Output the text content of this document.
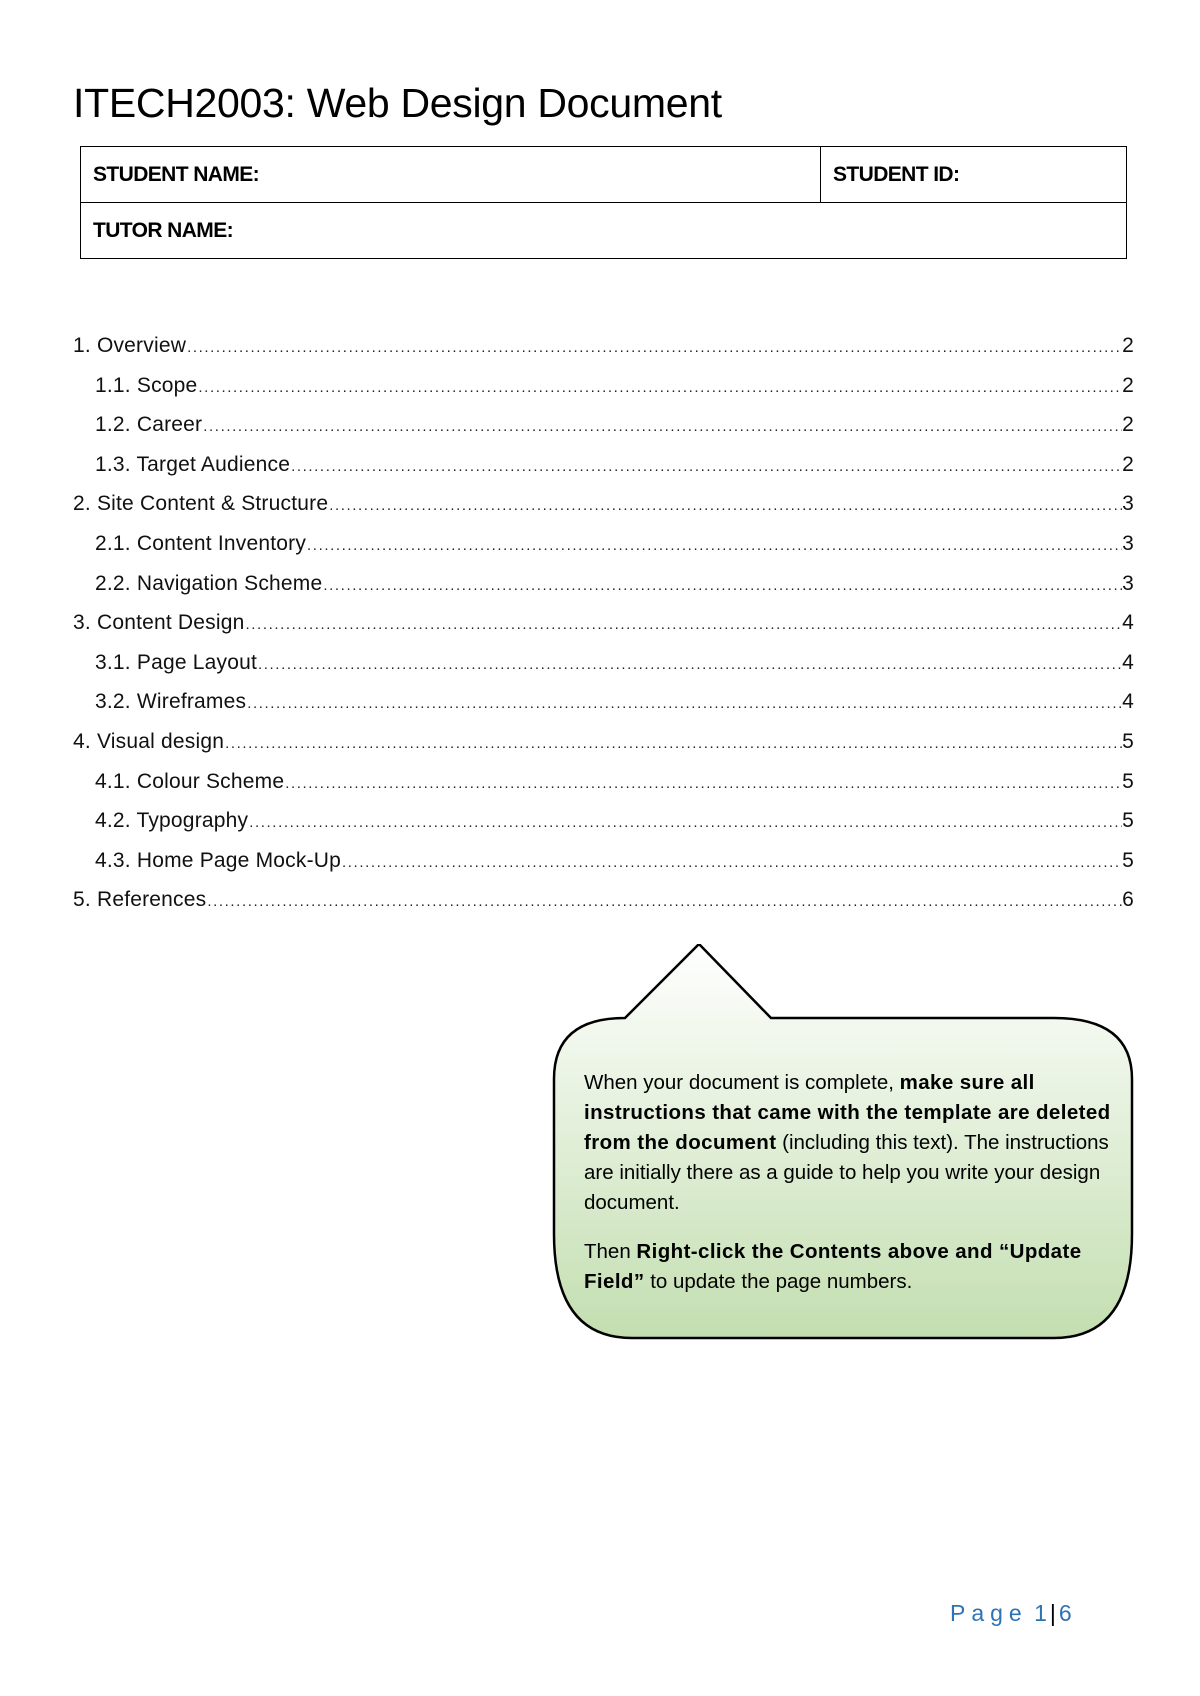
ITECH2003: Web Design Document
STUDENT NAME:	STUDENT ID:
TUTOR NAME:
1. Overview .....	2
1.1. Scope .....	2
1.2. Career .....	2
1.3. Target Audience .....	2
2. Site Content & Structure .....	3
2.1. Content Inventory .....	3
2.2. Navigation Scheme .....	3
3. Content Design .....	4
3.1. Page Layout .....	4
3.2. Wireframes .....	4
4. Visual design .....	5
4.1. Colour Scheme .....	5
4.2. Typography .....	5
4.3. Home Page Mock-Up .....	5
5. References .....	6

When your document is complete, make sure all instructions that came with the template are deleted from the document (including this text). The instructions are initially there as a guide to help you write your design document.

Then Right-click the Contents above and “Update Field” to update the page numbers.

Page 1 | 6
